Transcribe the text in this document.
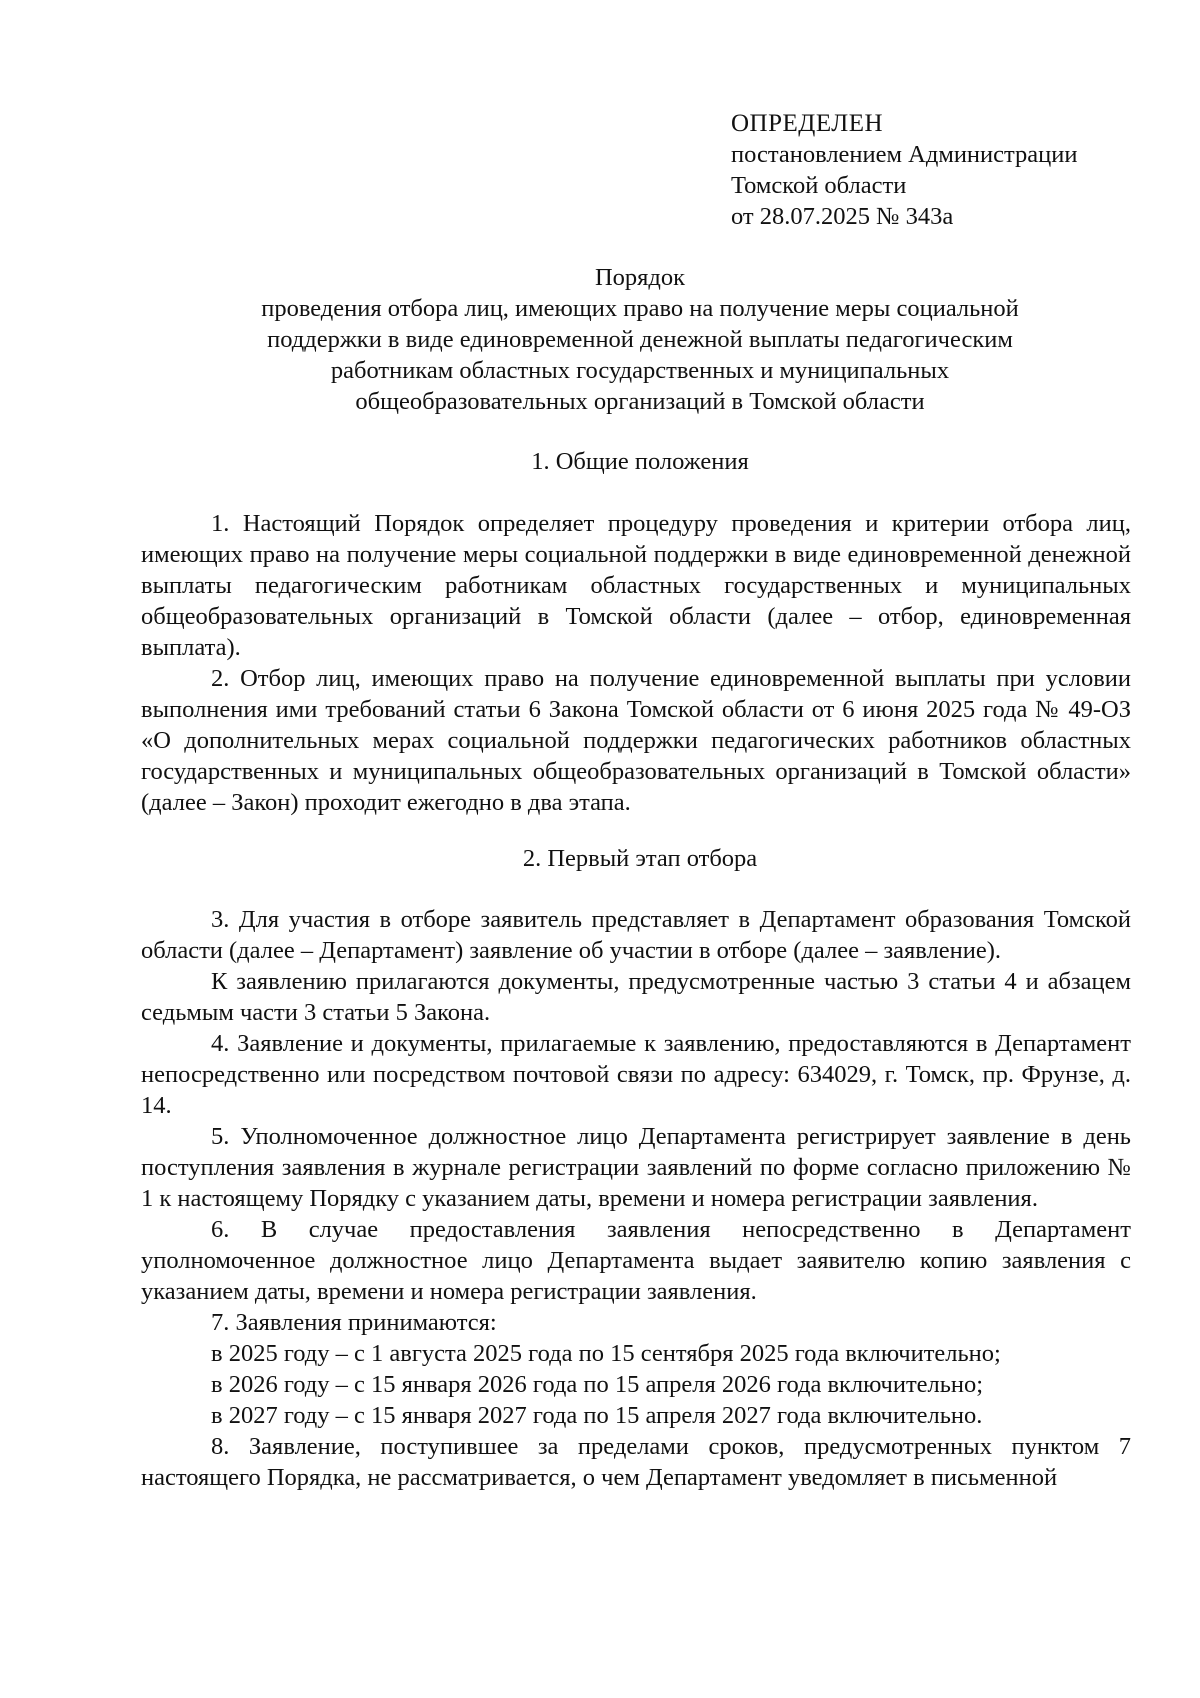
ОПРЕДЕЛЕН
постановлением Администрации
Томской области
от 28.07.2025 № 343а
Порядок
проведения отбора лиц, имеющих право на получение меры социальной
поддержки в виде единовременной денежной выплаты педагогическим
работникам областных государственных и муниципальных
общеобразовательных организаций в Томской области
1. Общие положения

1. Настоящий Порядок определяет процедуру проведения и критерии отбора лиц, имеющих право на получение меры социальной поддержки в виде единовременной денежной выплаты педагогическим работникам областных государственных и муниципальных общеобразовательных организаций в Томской области (далее – отбор, единовременная выплата).

2. Отбор лиц, имеющих право на получение единовременной выплаты при условии выполнения ими требований статьи 6 Закона Томской области от 6 июня 2025 года № 49-ОЗ «О дополнительных мерах социальной поддержки педагогических работников областных государственных и муниципальных общеобразовательных организаций в Томской области» (далее – Закон) проходит ежегодно в два этапа.

2. Первый этап отбора

3. Для участия в отборе заявитель представляет в Департамент образования Томской области (далее – Департамент) заявление об участии в отборе (далее – заявление).

К заявлению прилагаются документы, предусмотренные частью 3 статьи 4 и абзацем седьмым части 3 статьи 5 Закона.

4. Заявление и документы, прилагаемые к заявлению, предоставляются в Департамент непосредственно или посредством почтовой связи по адресу: 634029, г. Томск, пр. Фрунзе, д. 14.

5. Уполномоченное должностное лицо Департамента регистрирует заявление в день поступления заявления в журнале регистрации заявлений по форме согласно приложению № 1 к настоящему Порядку с указанием даты, времени и номера регистрации заявления.

6. В случае предоставления заявления непосредственно в Департамент уполномоченное должностное лицо Департамента выдает заявителю копию заявления с указанием даты, времени и номера регистрации заявления.

7. Заявления принимаются:

в 2025 году – с 1 августа 2025 года по 15 сентября 2025 года включительно;

в 2026 году – с 15 января 2026 года по 15 апреля 2026 года включительно;

в 2027 году – с 15 января 2027 года по 15 апреля 2027 года включительно.

8. Заявление, поступившее за пределами сроков, предусмотренных пунктом 7 настоящего Порядка, не рассматривается, о чем Департамент уведомляет в письменной
